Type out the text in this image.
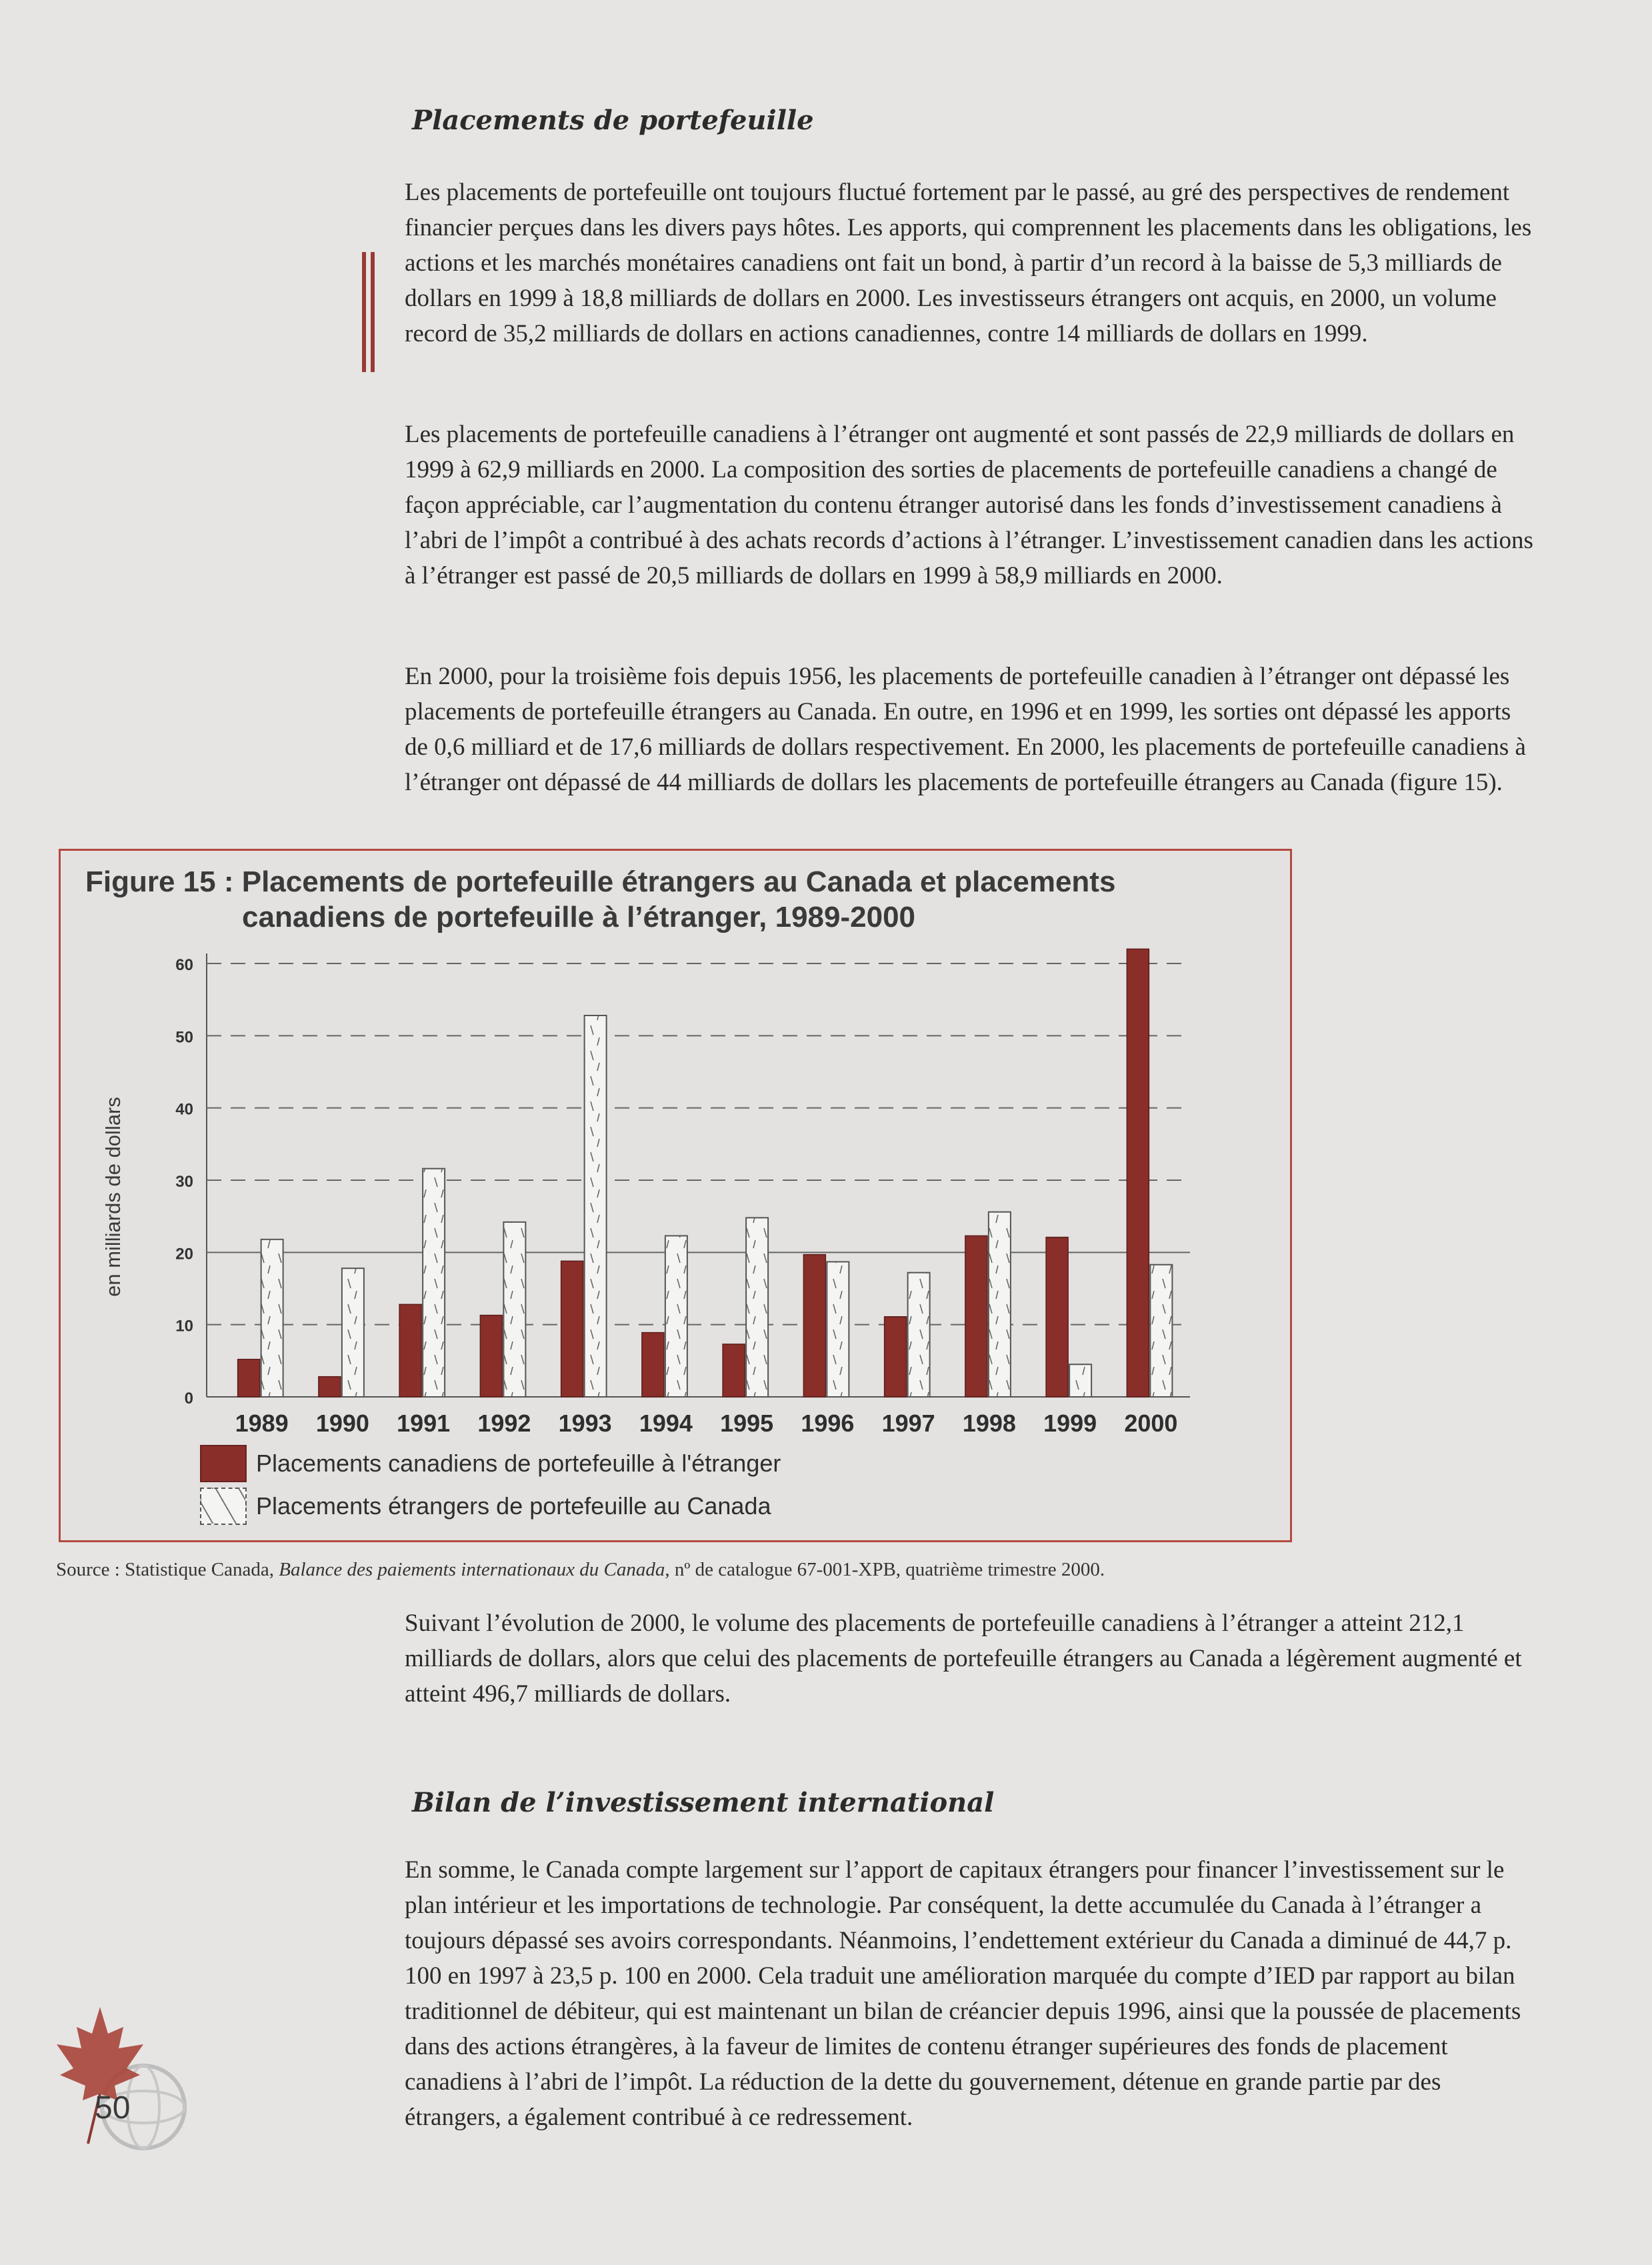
Placements de portefeuille

Les placements de portefeuille ont toujours fluctué fortement par le passé, au gré des perspectives de rendement financier perçues dans les divers pays hôtes. Les apports, qui comprennent les placements dans les obligations, les actions et les marchés monétaires canadiens ont fait un bond, à partir d’un record à la baisse de 5,3 milliards de dollars en 1999 à 18,8 milliards de dollars en 2000. Les investisseurs étrangers ont acquis, en 2000, un volume record de 35,2 milliards de dollars en actions canadiennes, contre 14 milliards de dollars en 1999.

Les placements de portefeuille canadiens à l’étranger ont augmenté et sont passés de 22,9 milliards de dollars en 1999 à 62,9 milliards en 2000. La composition des sorties de placements de portefeuille canadiens a changé de façon appréciable, car l’augmentation du contenu étranger autorisé dans les fonds d’investissement canadiens à l’abri de l’impôt a contribué à des achats records d’actions à l’étranger. L’investissement canadien dans les actions à l’étranger est passé de 20,5 milliards de dollars en 1999 à 58,9 milliards en 2000.

En 2000, pour la troisième fois depuis 1956, les placements de portefeuille canadien à l’étranger ont dépassé les placements de portefeuille étrangers au Canada. En outre, en 1996 et en 1999, les sorties ont dépassé les apports de 0,6 milliard et de 17,6 milliards de dollars respectivement. En 2000, les placements de portefeuille canadiens à l’étranger ont dépassé de 44 milliards de dollars les placements de portefeuille étrangers au Canada (figure 15).

Figure 15 : Placements de portefeuille étrangers au Canada et placements
canadiens de portefeuille à l’étranger, 1989-2000
en milliards de dollars
0
10
20
30
40
50
60
1989 1990 1991 1992 1993 1994 1995 1996 1997 1998 1999 2000
Placements canadiens de portefeuille à l'étranger
Placements étrangers de portefeuille au Canada

Source : Statistique Canada, Balance des paiements internationaux du Canada, nº de catalogue 67-001-XPB, quatrième trimestre 2000.

Suivant l’évolution de 2000, le volume des placements de portefeuille canadiens à l’étranger a atteint 212,1 milliards de dollars, alors que celui des placements de portefeuille étrangers au Canada a légèrement augmenté et atteint 496,7 milliards de dollars.

Bilan de l’investissement international

En somme, le Canada compte largement sur l’apport de capitaux étrangers pour financer l’investissement sur le plan intérieur et les importations de technologie. Par conséquent, la dette accumulée du Canada à l’étranger a toujours dépassé ses avoirs correspondants. Néanmoins, l’endettement extérieur du Canada a diminué de 44,7 p. 100 en 1997 à 23,5 p. 100 en 2000. Cela traduit une amélioration marquée du compte d’IED par rapport au bilan traditionnel de débiteur, qui est maintenant un bilan de créancier depuis 1996, ainsi que la poussée de placements dans des actions étrangères, à la faveur de limites de contenu étranger supérieures des fonds de placement canadiens à l’abri de l’impôt. La réduction de la dette du gouvernement, détenue en grande partie par des étrangers, a également contribué à ce redressement.

50
